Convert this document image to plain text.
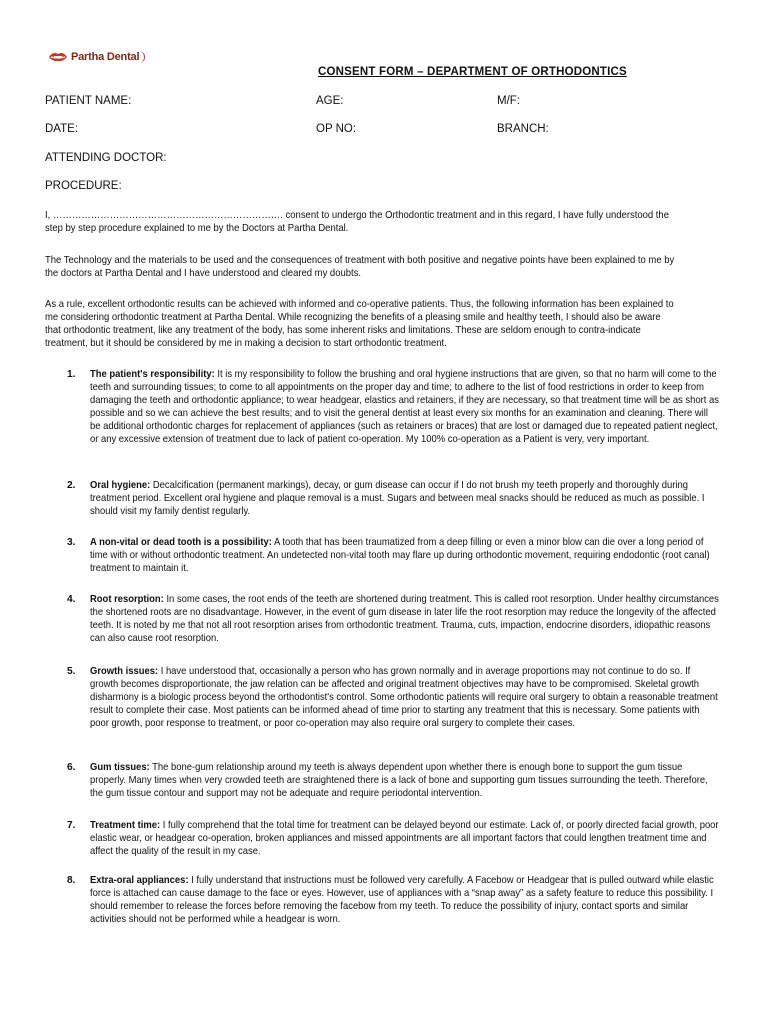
Partha Dental
CONSENT FORM – DEPARTMENT OF ORTHODONTICS
PATIENT NAME:	AGE:	M/F:
DATE:	OP NO:	BRANCH:
ATTENDING DOCTOR:
PROCEDURE:

I, ………………………………………………………………. consent to undergo the Orthodontic treatment and in this regard, I have fully understood the step by step procedure explained to me by the Doctors at Partha Dental.

The Technology and the materials to be used and the consequences of treatment with both positive and negative points have been explained to me by the doctors at Partha Dental and I have understood and cleared my doubts.

As a rule, excellent orthodontic results can be achieved with informed and co-operative patients. Thus, the following information has been explained to me considering orthodontic treatment at Partha Dental. While recognizing the benefits of a pleasing smile and healthy teeth, I should also be aware that orthodontic treatment, like any treatment of the body, has some inherent risks and limitations. These are seldom enough to contra-indicate treatment, but it should be considered by me in making a decision to start orthodontic treatment.

1. The patient's responsibility: It is my responsibility to follow the brushing and oral hygiene instructions that are given, so that no harm will come to the teeth and surrounding tissues; to come to all appointments on the proper day and time; to adhere to the list of food restrictions in order to keep from damaging the teeth and orthodontic appliance; to wear headgear, elastics and retainers, if they are necessary, so that treatment time will be as short as possible and so we can achieve the best results; and to visit the general dentist at least every six months for an examination and cleaning. There will be additional orthodontic charges for replacement of appliances (such as retainers or braces) that are lost or damaged due to repeated patient neglect, or any excessive extension of treatment due to lack of patient co-operation. My 100% co-operation as a Patient is very, very important.
2. Oral hygiene: Decalcification (permanent markings), decay, or gum disease can occur if I do not brush my teeth properly and thoroughly during treatment period. Excellent oral hygiene and plaque removal is a must. Sugars and between meal snacks should be reduced as much as possible. I should visit my family dentist regularly.
3. A non-vital or dead tooth is a possibility: A tooth that has been traumatized from a deep filling or even a minor blow can die over a long period of time with or without orthodontic treatment. An undetected non-vital tooth may flare up during orthodontic movement, requiring endodontic (root canal) treatment to maintain it.
4. Root resorption: In some cases, the root ends of the teeth are shortened during treatment. This is called root resorption. Under healthy circumstances the shortened roots are no disadvantage. However, in the event of gum disease in later life the root resorption may reduce the longevity of the affected teeth. It is noted by me that not all root resorption arises from orthodontic treatment. Trauma, cuts, impaction, endocrine disorders, idiopathic reasons can also cause root resorption.
5. Growth issues: I have understood that, occasionally a person who has grown normally and in average proportions may not continue to do so. If growth becomes disproportionate, the jaw relation can be affected and original treatment objectives may have to be compromised. Skeletal growth disharmony is a biologic process beyond the orthodontist's control. Some orthodontic patients will require oral surgery to obtain a reasonable treatment result to complete their case. Most patients can be informed ahead of time prior to starting any treatment that this is necessary. Some patients with poor growth, poor response to treatment, or poor co-operation may also require oral surgery to complete their cases.
6. Gum tissues: The bone-gum relationship around my teeth is always dependent upon whether there is enough bone to support the gum tissue properly. Many times when very crowded teeth are straightened there is a lack of bone and supporting gum tissues surrounding the teeth. Therefore, the gum tissue contour and support may not be adequate and require periodontal intervention.
7. Treatment time: I fully comprehend that the total time for treatment can be delayed beyond our estimate. Lack of, or poorly directed facial growth, poor elastic wear, or headgear co-operation, broken appliances and missed appointments are all important factors that could lengthen treatment time and affect the quality of the result in my case.
8. Extra-oral appliances: I fully understand that instructions must be followed very carefully. A Facebow or Headgear that is pulled outward while elastic force is attached can cause damage to the face or eyes. However, use of appliances with a “snap away” as a safety feature to reduce this possibility. I should remember to release the forces before removing the facebow from my teeth. To reduce the possibility of injury, contact sports and similar activities should not be performed while a headgear is worn.
